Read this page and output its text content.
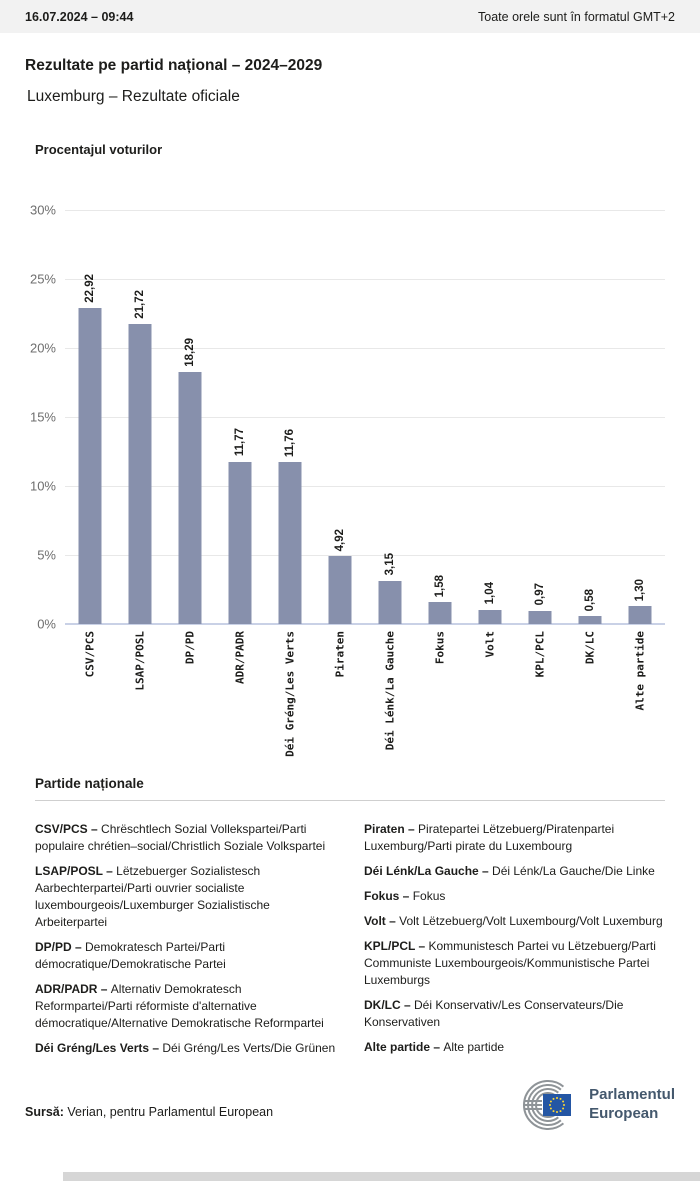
16.07.2024 – 09:44	Toate orele sunt în formatul GMT+2
Rezultate pe partid național – 2024–2029
Luxemburg – Rezultate oficiale
Procentajul voturilor
0%
5%
10%
15%
20%
25%
30%
22,92
21,72
18,29
11,77	11,76
4,92
3,15
1,58	1,04	0,97	0,58	1,30
CSV/PCS	LSAP/POSL	DP/PD	ADR/PADR	Déi Gréng/Les Verts	Piraten	Déi Lénk/La Gauche	Fokus	Volt	KPL/PCL	DK/LC	Alte partide
Partide naționale

CSV/PCS – Chrëschtlech Sozial Vollekspartei/Parti populaire chrétien–social/Christlich Soziale Volkspartei

LSAP/POSL – Lëtzebuerger Sozialistesch Aarbechterpartei/Parti ouvrier socialiste luxembourgeois/Luxemburger Sozialistische Arbeiterpartei

DP/PD – Demokratesch Partei/Parti démocratique/Demokratische Partei

ADR/PADR – Alternativ Demokratesch Reformpartei/Parti réformiste d'alternative démocratique/Alternative Demokratische Reformpartei

Déi Gréng/Les Verts – Déi Gréng/Les Verts/Die Grünen

Piraten – Piratepartei Lëtzebuerg/Piratenpartei Luxemburg/Parti pirate du Luxembourg

Déi Lénk/La Gauche – Déi Lénk/La Gauche/Die Linke

Fokus – Fokus

Volt – Volt Lëtzebuerg/Volt Luxembourg/Volt Luxemburg

KPL/PCL – Kommunistesch Partei vu Lëtzebuerg/Parti Communiste Luxembourgeois/Kommunistische Partei Luxemburgs

DK/LC – Déi Konservativ/Les Conservateurs/Die Konservativen

Alte partide – Alte partide

Sursă: Verian, pentru Parlamentul European
Parlamentul
European
